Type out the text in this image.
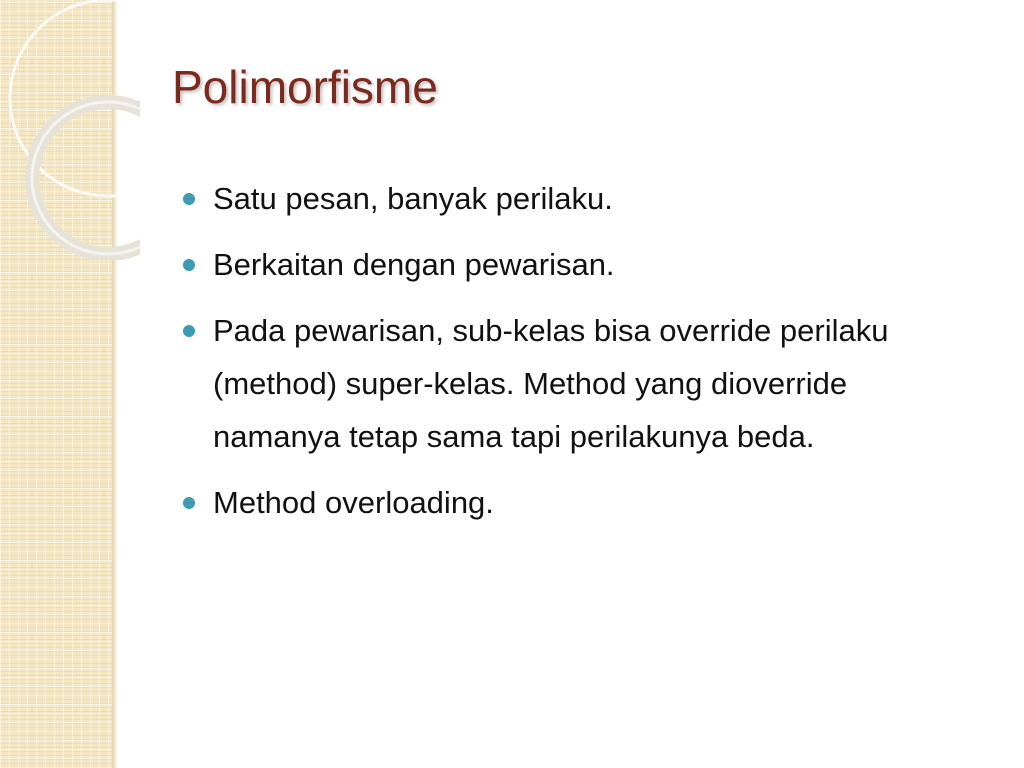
Polimorfisme
Satu pesan, banyak perilaku.
Berkaitan dengan pewarisan.
Pada pewarisan, sub-kelas bisa override perilaku (method) super-kelas. Method yang dioverride namanya tetap sama tapi perilakunya beda.
Method overloading.
